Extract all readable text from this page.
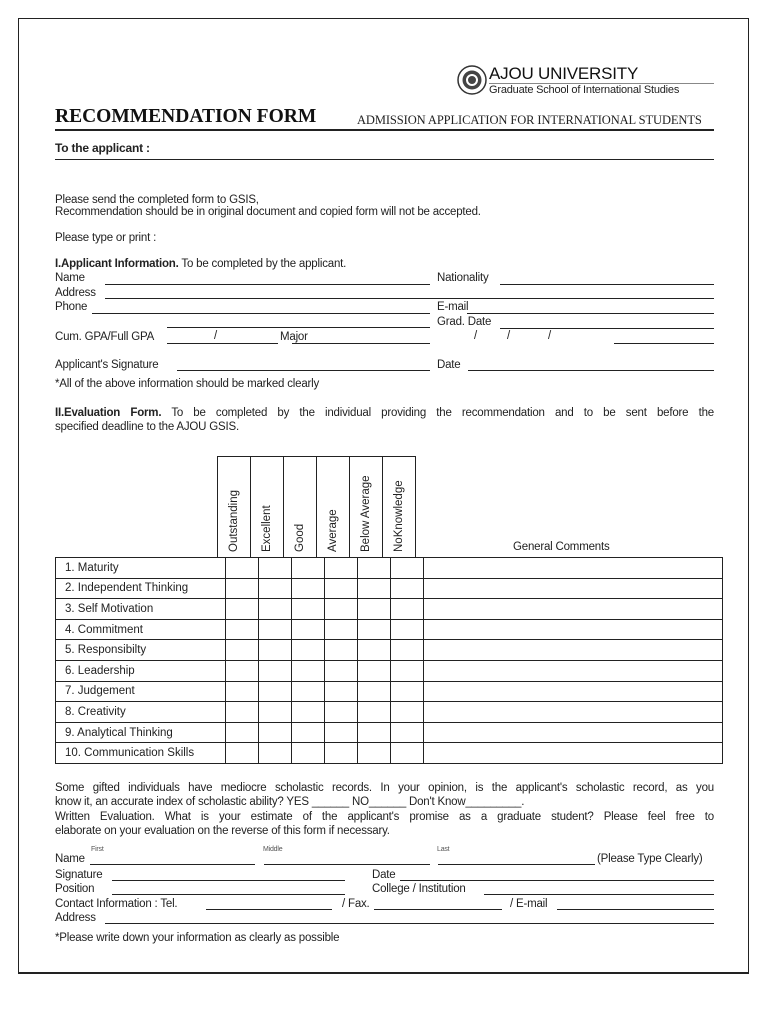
AJOU UNIVERSITY
Graduate School of International Studies
RECOMMENDATION FORM	ADMISSION APPLICATION FOR INTERNATIONAL STUDENTS
To the applicant :
Please send the completed form to GSIS,
Recommendation should be in original document and copied form will not be accepted.
Please type or print :
I.Applicant Information. To be completed by the applicant.
Name	Nationality
Address
Phone	E-mail
Grad. Date
Cum. GPA/Full GPA	/	Major	/	/	/
Applicant's Signature	Date
*All of the above information should be marked clearly
II.Evaluation Form. To be completed by the individual providing the recommendation and to be sent before the
specified deadline to the AJOU GSIS.
Outstanding Excellent Good Average Below Average NoKnowledge	General Comments
1. Maturity							
2. Independent Thinking							
3. Self Motivation							
4. Commitment							
5. Responsibilty							
6. Leadership							
7. Judgement							
8. Creativity							
9. Analytical Thinking							
10. Communication Skills							
Some gifted individuals have mediocre scholastic records. In your opinion, is the applicant's scholastic record, as you
know it, an accurate index of scholastic ability? YES ______ NO______ Don't Know_________.
Written Evaluation. What is your estimate of the applicant's promise as a graduate student? Please feel free to
elaborate on your evaluation on the reverse of this form if necessary.
Name
First	Middle	Last
(Please Type Clearly)
Signature	Date
Position	College / Institution
Contact Information : Tel.	/ Fax.	/ E-mail
Address
*Please write down your information as clearly as possible
